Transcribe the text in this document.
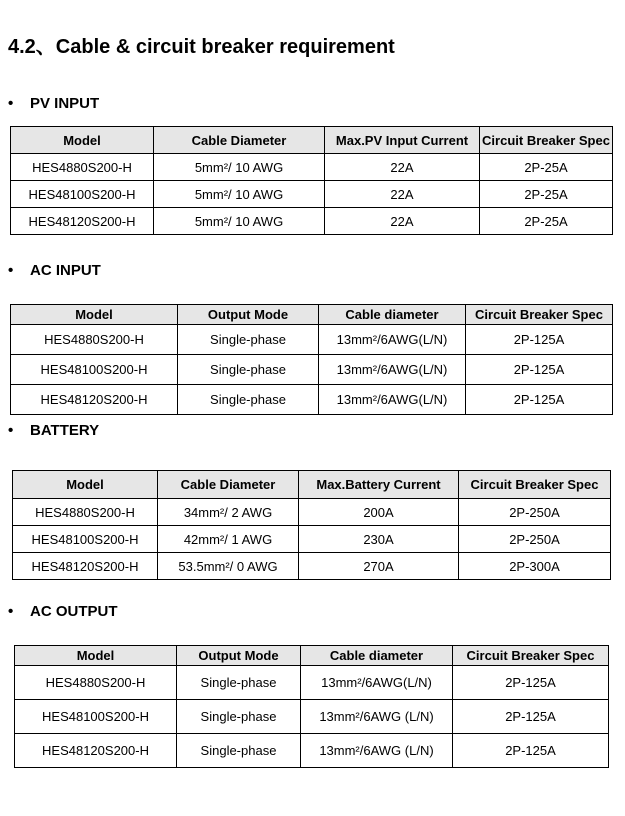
4.2、Cable & circuit breaker requirement
• PV INPUT
Model	Cable Diameter	Max.PV Input Current	Circuit Breaker Spec
HES4880S200-H	5mm²/ 10 AWG	22A	2P-25A
HES48100S200-H	5mm²/ 10 AWG	22A	2P-25A
HES48120S200-H	5mm²/ 10 AWG	22A	2P-25A
• AC INPUT
Model	Output Mode	Cable diameter	Circuit Breaker Spec
HES4880S200-H	Single-phase	13mm²/6AWG(L/N)	2P-125A
HES48100S200-H	Single-phase	13mm²/6AWG(L/N)	2P-125A
HES48120S200-H	Single-phase	13mm²/6AWG(L/N)	2P-125A
• BATTERY
Model	Cable Diameter	Max.Battery Current	Circuit Breaker Spec
HES4880S200-H	34mm²/ 2 AWG	200A	2P-250A
HES48100S200-H	42mm²/ 1 AWG	230A	2P-250A
HES48120S200-H	53.5mm²/ 0 AWG	270A	2P-300A
• AC OUTPUT
Model	Output Mode	Cable diameter	Circuit Breaker Spec
HES4880S200-H	Single-phase	13mm²/6AWG(L/N)	2P-125A
HES48100S200-H	Single-phase	13mm²/6AWG (L/N)	2P-125A
HES48120S200-H	Single-phase	13mm²/6AWG (L/N)	2P-125A
